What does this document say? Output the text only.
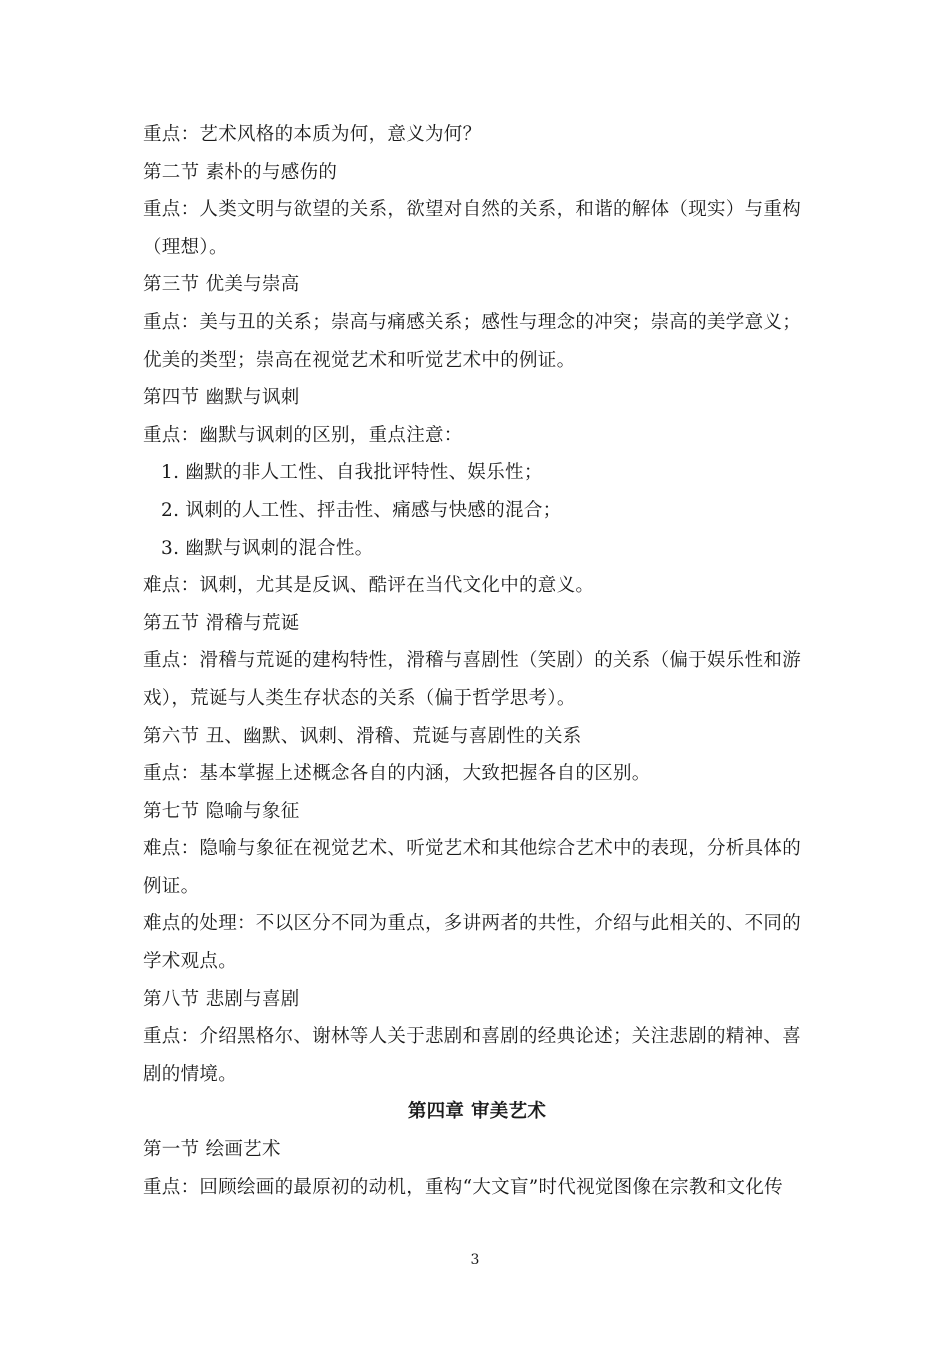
重点：艺术风格的本质为何，意义为何？
第二节 素朴的与感伤的
重点：人类文明与欲望的关系，欲望对自然的关系，和谐的解体（现实）与重构
（理想）。
第三节 优美与崇高
重点：美与丑的关系；崇高与痛感关系；感性与理念的冲突；崇高的美学意义；
优美的类型；崇高在视觉艺术和听觉艺术中的例证。
第四节 幽默与讽刺
重点：幽默与讽刺的区别，重点注意：
1. 幽默的非人工性、自我批评特性、娱乐性；
2. 讽刺的人工性、抨击性、痛感与快感的混合；
3. 幽默与讽刺的混合性。
难点：讽刺，尤其是反讽、酷评在当代文化中的意义。
第五节 滑稽与荒诞
重点：滑稽与荒诞的建构特性，滑稽与喜剧性（笑剧）的关系（偏于娱乐性和游
戏），荒诞与人类生存状态的关系（偏于哲学思考）。
第六节 丑、幽默、讽刺、滑稽、荒诞与喜剧性的关系
重点：基本掌握上述概念各自的内涵，大致把握各自的区别。
第七节 隐喻与象征
难点：隐喻与象征在视觉艺术、听觉艺术和其他综合艺术中的表现，分析具体的
例证。
难点的处理：不以区分不同为重点，多讲两者的共性，介绍与此相关的、不同的
学术观点。
第八节 悲剧与喜剧
重点：介绍黑格尔、谢林等人关于悲剧和喜剧的经典论述；关注悲剧的精神、喜
剧的情境。
第四章 审美艺术
第一节 绘画艺术
重点：回顾绘画的最原初的动机，重构“大文盲”时代视觉图像在宗教和文化传
3
